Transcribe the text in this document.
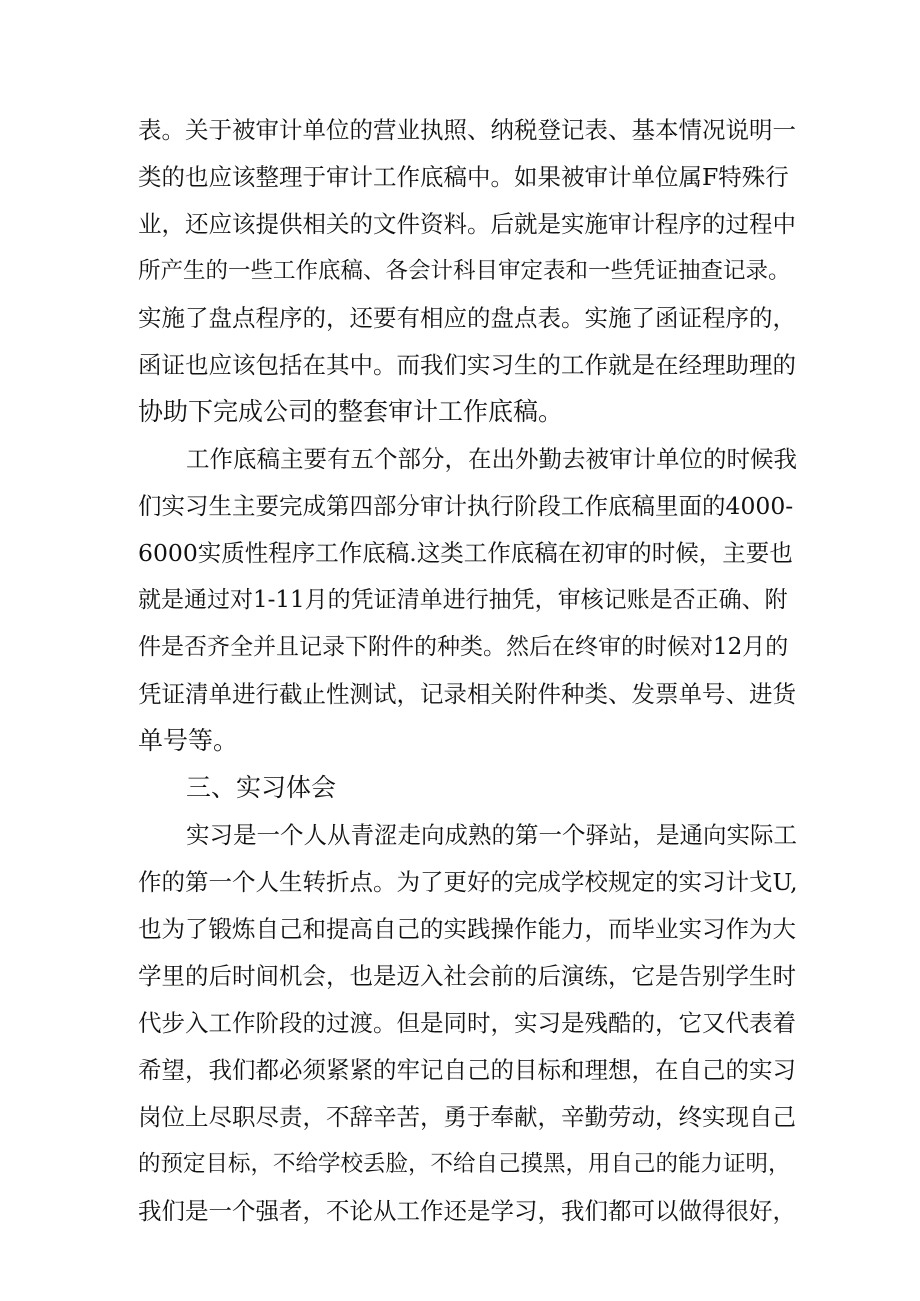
表。关于被审计单位的营业执照、纳税登记表、基本情况说明一
类的也应该整理于审计工作底稿中。如果被审计单位属F特殊行
业，还应该提供相关的文件资料。后就是实施审计程序的过程中
所产生的一些工作底稿、各会计科目审定表和一些凭证抽查记录。
实施了盘点程序的，还要有相应的盘点表。实施了函证程序的，
函证也应该包括在其中。而我们实习生的工作就是在经理助理的
协助下完成公司的整套审计工作底稿。
工作底稿主要有五个部分，在出外勤去被审计单位的时候我
们实习生主要完成第四部分审计执行阶段工作底稿里面的4000-
6000实质性程序工作底稿.这类工作底稿在初审的时候，主要也
就是通过对1-11月的凭证清单进行抽凭，审核记账是否正确、附
件是否齐全并且记录下附件的种类。然后在终审的时候对12月的
凭证清单进行截止性测试，记录相关附件种类、发票单号、进货
单号等。
三、实习体会
实习是一个人从青涩走向成熟的第一个驿站，是通向实际工
作的第一个人生转折点。为了更好的完成学校规定的实习计戈U,
也为了锻炼自己和提高自己的实践操作能力，而毕业实习作为大
学里的后时间机会，也是迈入社会前的后演练，它是告别学生时
代步入工作阶段的过渡。但是同时，实习是残酷的，它又代表着
希望，我们都必须紧紧的牢记自己的目标和理想，在自己的实习
岗位上尽职尽责，不辞辛苦，勇于奉献，辛勤劳动，终实现自己
的预定目标，不给学校丢脸，不给自己摸黑，用自己的能力证明，
我们是一个强者，不论从工作还是学习，我们都可以做得很好，
